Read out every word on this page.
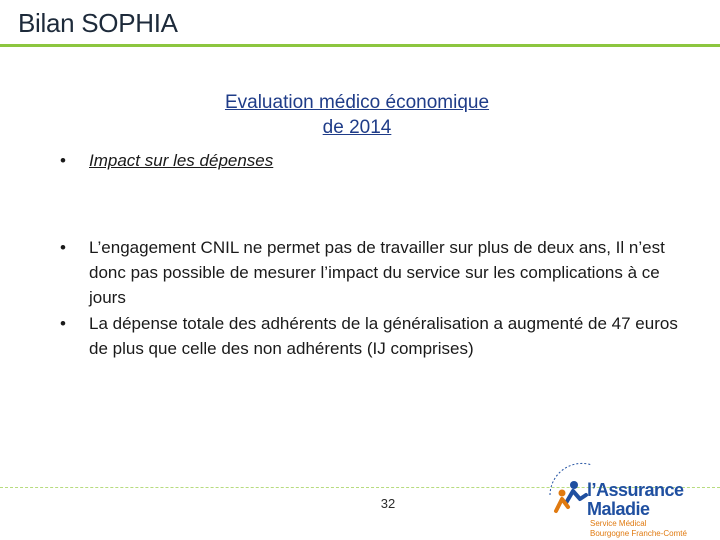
Bilan SOPHIA
Evaluation médico économique
de 2014
• Impact sur les dépenses
• L’engagement CNIL ne permet pas de travailler sur plus de deux ans, Il n’est donc pas possible de mesurer l’impact du service sur les complications à ce jours
• La dépense totale des adhérents de la généralisation a augmenté de 47 euros de plus que celle des non adhérents (IJ comprises)
32
l’Assurance
Maladie
Service Médical
Bourgogne Franche-Comté
